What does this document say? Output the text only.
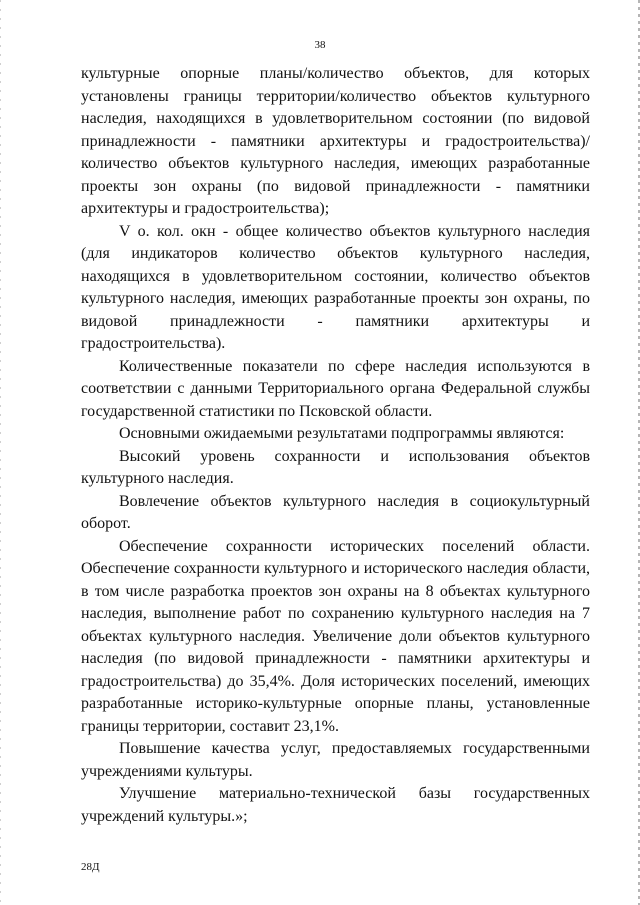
38

культурные опорные планы/количество объектов, для которых установлены границы территории/количество объектов культурного наследия, находящихся в удовлетворительном состоянии (по видовой принадлежности - памятники архитектуры и градостроительства)/количество объектов культурного наследия, имеющих разработанные проекты зон охраны (по видовой принадлежности - памятники архитектуры и градостроительства);

V о. кол. окн - общее количество объектов культурного наследия (для индикаторов количество объектов культурного наследия, находящихся в удовлетворительном состоянии, количество объектов культурного наследия, имеющих разработанные проекты зон охраны, по видовой принадлежности - памятники архитектуры и градостроительства).

Количественные показатели по сфере наследия используются в соответствии с данными Территориального органа Федеральной службы государственной статистики по Псковской области.

Основными ожидаемыми результатами подпрограммы являются:

Высокий уровень сохранности и использования объектов культурного наследия.

Вовлечение объектов культурного наследия в социокультурный оборот.

Обеспечение сохранности исторических поселений области. Обеспечение сохранности культурного и исторического наследия области, в том числе разработка проектов зон охраны на 8 объектах культурного наследия, выполнение работ по сохранению культурного наследия на 7 объектах культурного наследия. Увеличение доли объектов культурного наследия (по видовой принадлежности - памятники архитектуры и градостроительства) до 35,4%. Доля исторических поселений, имеющих разработанные историко-культурные опорные планы, установленные границы территории, составит 23,1%.

Повышение качества услуг, предоставляемых государственными учреждениями культуры.

Улучшение материально-технической базы государственных учреждений культуры.»;

28Д
